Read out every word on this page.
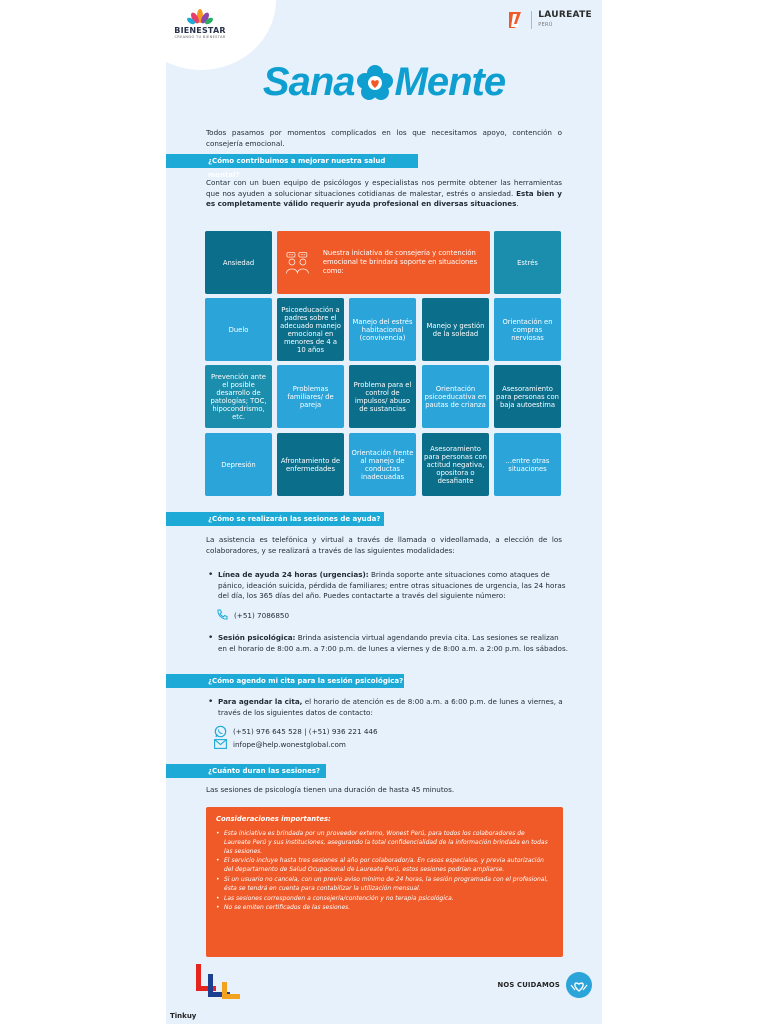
BIENESTAR
CREANDO TU BIENESTAR
LAUREATE
PERÚ
Sana Mente

Todos pasamos por momentos complicados en los que necesitamos apoyo, contención o consejería emocional.

¿Cómo contribuimos a mejorar nuestra salud mental?

Contar con un buen equipo de psicólogos y especialistas nos permite obtener las herramientas que nos ayuden a solucionar situaciones cotidianas de malestar, estrés o ansiedad. Esta bien y es completamente válido requerir ayuda profesional en diversas situaciones.

Ansiedad
Nuestra iniciativa de consejería y contención emocional te brindará soporte en situaciones como:
Estrés
Duelo
Psicoeducación a padres sobre el adecuado manejo emocional en menores de 4 a 10 años
Manejo del estrés habitacional (convivencia)
Manejo y gestión de la soledad
Orientación en compras nerviosas
Prevención ante el posible desarrollo de patologías; TOC, hipocondrismo, etc.
Problemas familiares/ de pareja
Problema para el control de impulsos/ abuso de sustancias
Orientación psicoeducativa en pautas de crianza
Asesoramiento para personas con baja autoestima
Depresión	Afrontamiento de enfermedades
Orientación frente al manejo de conductas inadecuadas
Asesoramiento para personas con actitud negativa, opositora o desafiante
...entre otras situaciones
¿Cómo se realizarán las sesiones de ayuda?

La asistencia es telefónica y virtual a través de llamada o videollamada, a elección de los colaboradores, y se realizará a través de las siguientes modalidades:

• Línea de ayuda 24 horas (urgencias): Brinda soporte ante situaciones como ataques de pánico, ideación suicida, pérdida de familiares; entre otras situaciones de urgencia, las 24 horas del día, los 365 días del año. Puedes contactarte a través del siguiente número:
(+51) 7086850
• Sesión psicológica: Brinda asistencia virtual agendando previa cita. Las sesiones se realizan en el horario de 8:00 a.m. a 7:00 p.m. de lunes a viernes y de 8:00 a.m. a 2:00 p.m. los sábados.
¿Cómo agendo mi cita para la sesión psicológica?
• Para agendar la cita, el horario de atención es de 8:00 a.m. a 6:00 p.m. de lunes a viernes, a través de los siguientes datos de contacto:
(+51) 976 645 528 | (+51) 936 221 446
infope@help.wonestglobal.com
¿Cuánto duran las sesiones?

Las sesiones de psicología tienen una duración de hasta 45 minutos.

Consideraciones importantes:
• Esta iniciativa es brindada por un proveedor externo, Wonest Perú, para todos los colaboradores de Laureate Perú y sus instituciones, asegurando la total confidencialidad de la información brindada en todas las sesiones.
• El servicio incluye hasta tres sesiones al año por colaborador/a. En casos especiales, y previa autorización del departamento de Salud Ocupacional de Laureate Perú, estos sesiones podrían ampliarse.
• Si un usuario no cancela, con un previo aviso mínimo de 24 horas, la sesión programada con el profesional, ésta se tendrá en cuenta para contabilizar la utilización mensual.
• Las sesiones corresponden a consejería/contención y no terapia psicológica.
• No se emiten certificados de las sesiones.
Tinkuy
NOS CUIDAMOS
